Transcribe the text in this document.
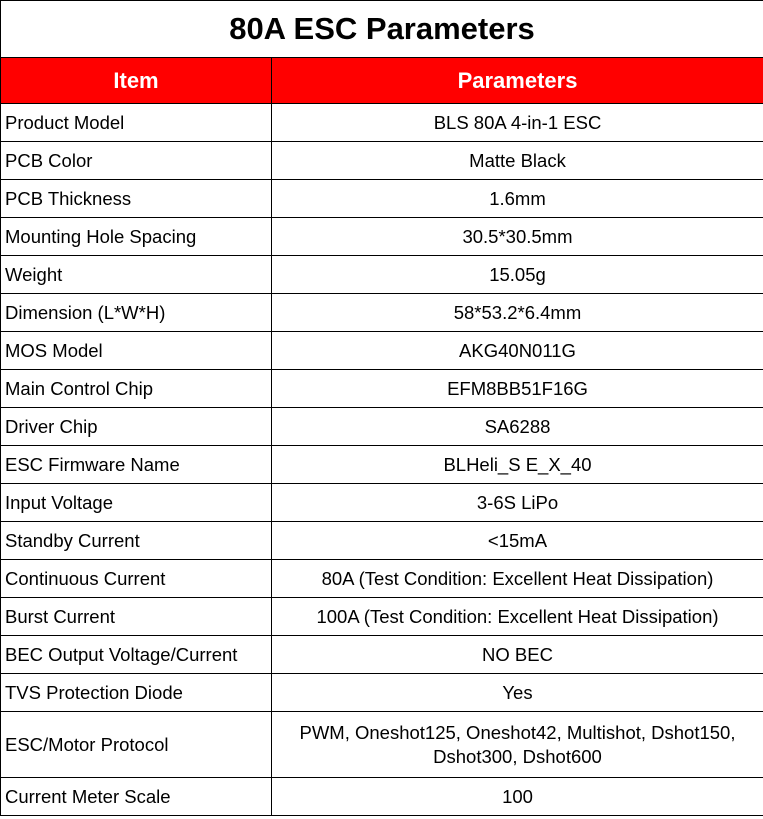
80A ESC Parameters	
Item	Parameters
Product Model	BLS 80A 4-in-1 ESC
PCB Color	Matte Black
PCB Thickness	1.6mm
Mounting Hole Spacing	30.5*30.5mm
Weight	15.05g
Dimension (L*W*H)	58*53.2*6.4mm
MOS Model	AKG40N011G
Main Control Chip	EFM8BB51F16G
Driver Chip	SA6288
ESC Firmware Name	BLHeli_S E_X_40
Input Voltage	3-6S LiPo
Standby Current	<15mA
Continuous Current	80A (Test Condition: Excellent Heat Dissipation)
Burst Current	100A (Test Condition: Excellent Heat Dissipation)
BEC Output Voltage/Current	NO BEC
TVS Protection Diode	Yes
ESC/Motor Protocol	PWM, Oneshot125, Oneshot42, Multishot, Dshot150,
Dshot300, Dshot600

Current Meter Scale	100
